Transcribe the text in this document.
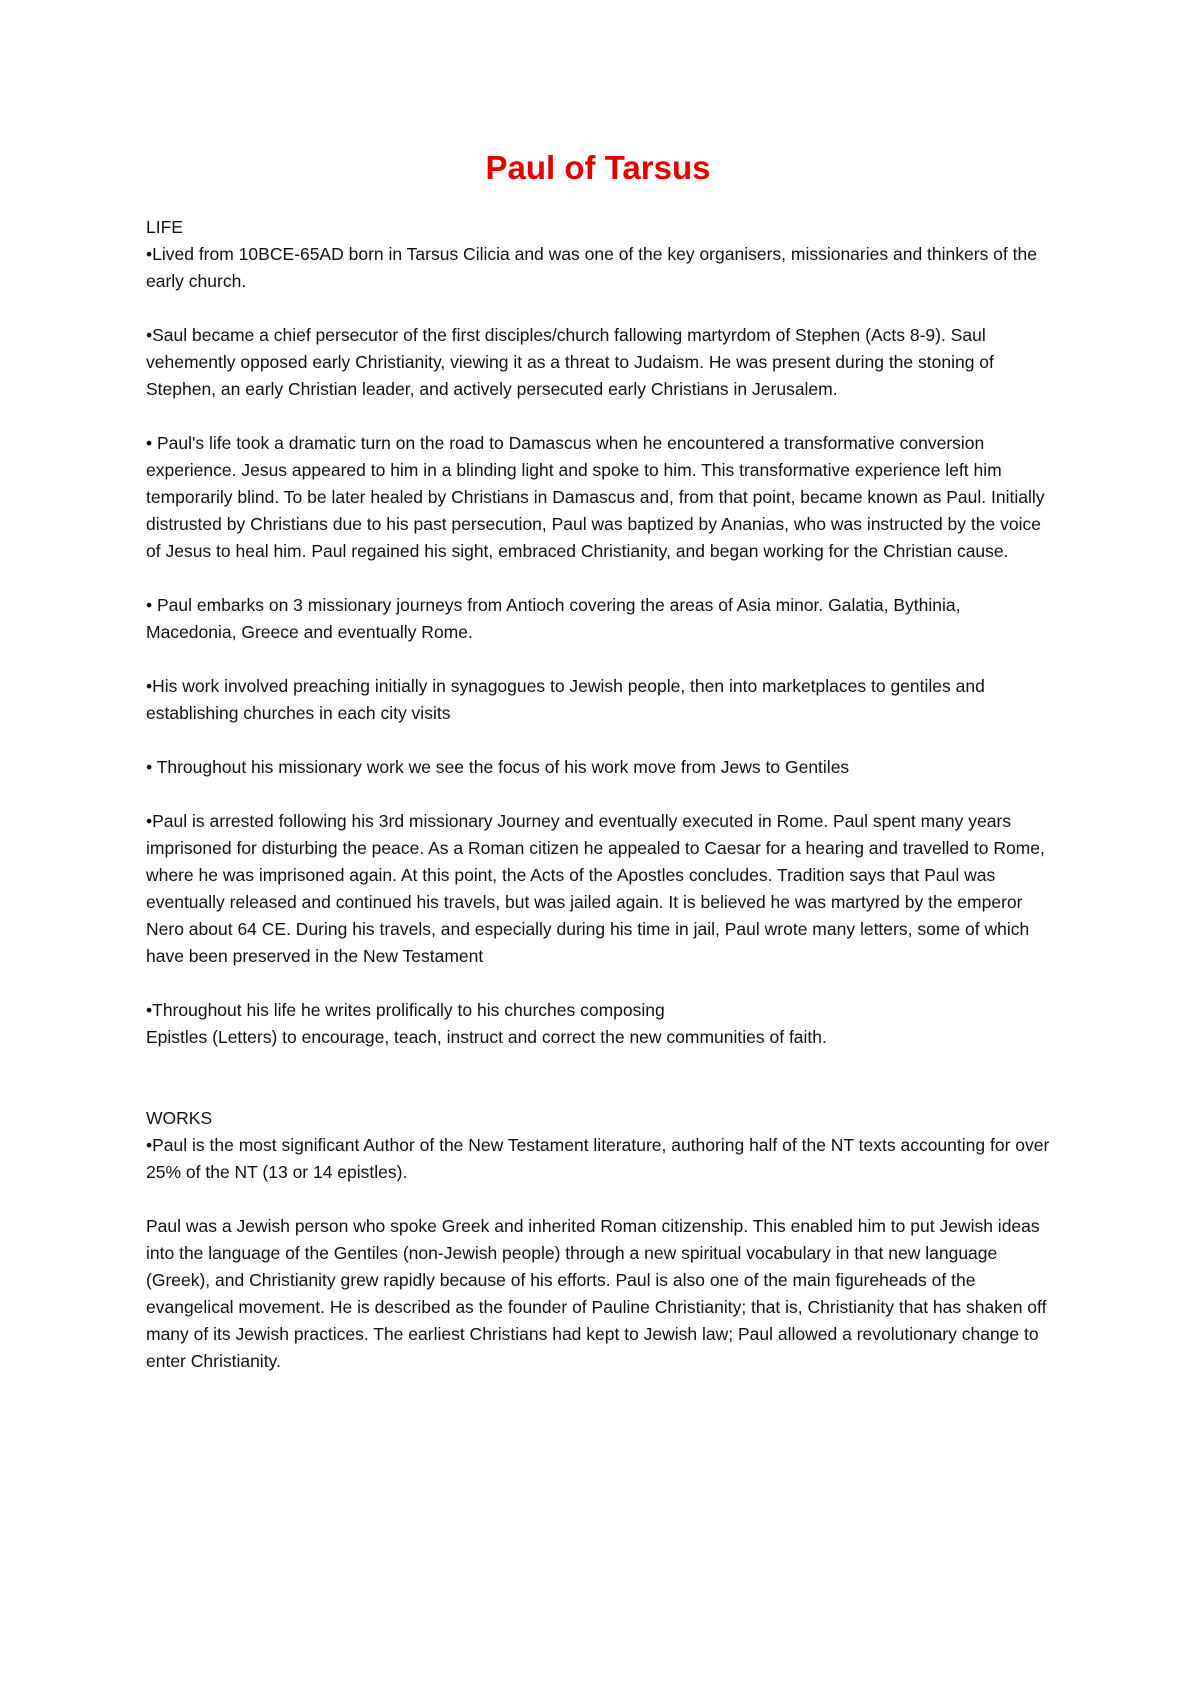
Paul of Tarsus

LIFE

•Lived from 10BCE-65AD born in Tarsus Cilicia and was one of the key organisers, missionaries and thinkers of the early church.

•Saul became a chief persecutor of the first disciples/church fallowing martyrdom of Stephen (Acts 8-9). Saul vehemently opposed early Christianity, viewing it as a threat to Judaism. He was present during the stoning of Stephen, an early Christian leader, and actively persecuted early Christians in Jerusalem.

• Paul's life took a dramatic turn on the road to Damascus when he encountered a transformative conversion experience. Jesus appeared to him in a blinding light and spoke to him. This transformative experience left him temporarily blind. To be later healed by Christians in Damascus and, from that point, became known as Paul. Initially distrusted by Christians due to his past persecution, Paul was baptized by Ananias, who was instructed by the voice of Jesus to heal him. Paul regained his sight, embraced Christianity, and began working for the Christian cause.

• Paul embarks on 3 missionary journeys from Antioch covering the areas of Asia minor. Galatia, Bythinia, Macedonia, Greece and eventually Rome.

•His work involved preaching initially in synagogues to Jewish people, then into marketplaces to gentiles and establishing churches in each city visits

• Throughout his missionary work we see the focus of his work move from Jews to Gentiles

•Paul is arrested following his 3rd missionary Journey and eventually executed in Rome. Paul spent many years imprisoned for disturbing the peace. As a Roman citizen he appealed to Caesar for a hearing and travelled to Rome, where he was imprisoned again. At this point, the Acts of the Apostles concludes. Tradition says that Paul was eventually released and continued his travels, but was jailed again. It is believed he was martyred by the emperor Nero about 64 CE. During his travels, and especially during his time in jail, Paul wrote many letters, some of which have been preserved in the New Testament

•Throughout his life he writes prolifically to his churches composing

Epistles (Letters) to encourage, teach, instruct and correct the new communities of faith.

WORKS

•Paul is the most significant Author of the New Testament literature, authoring half of the NT texts accounting for over 25% of the NT (13 or 14 epistles).

Paul was a Jewish person who spoke Greek and inherited Roman citizenship. This enabled him to put Jewish ideas into the language of the Gentiles (non-Jewish people) through a new spiritual vocabulary in that new language (Greek), and Christianity grew rapidly because of his efforts. Paul is also one of the main figureheads of the evangelical movement. He is described as the founder of Pauline Christianity; that is, Christianity that has shaken off many of its Jewish practices. The earliest Christians had kept to Jewish law; Paul allowed a revolutionary change to enter Christianity.
